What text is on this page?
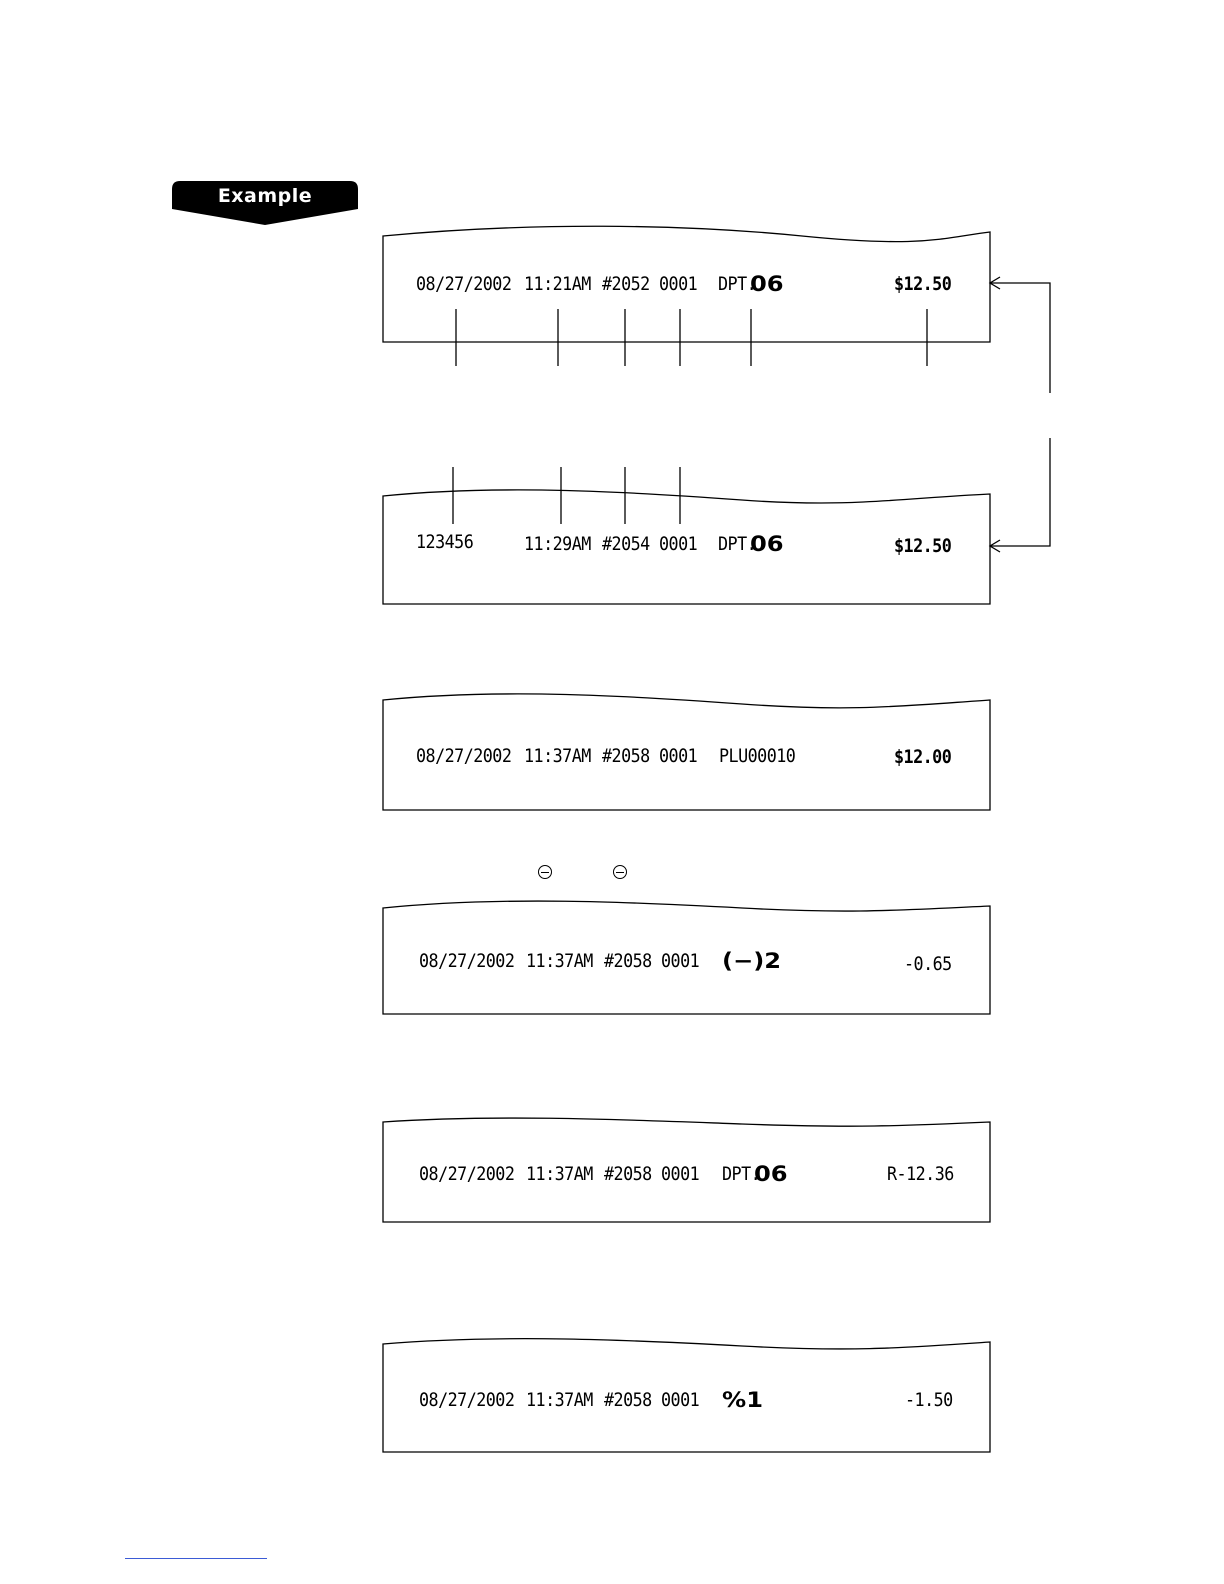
Example
08/27/2002 11:21AM #2052 0001 DPT.
06	$12.50
123456	11:29AM #2054 0001 DPT.
06	$12.50
08/27/2002 11:37AM #2058 0001 PLU00010	$12.00
08/27/2002 11:37AM #2058 0001 (−)2	-0.65
08/27/2002 11:37AM #2058 0001 DPT.
06	R-12.36
08/27/2002 11:37AM #2058 0001 %1	-1.50
